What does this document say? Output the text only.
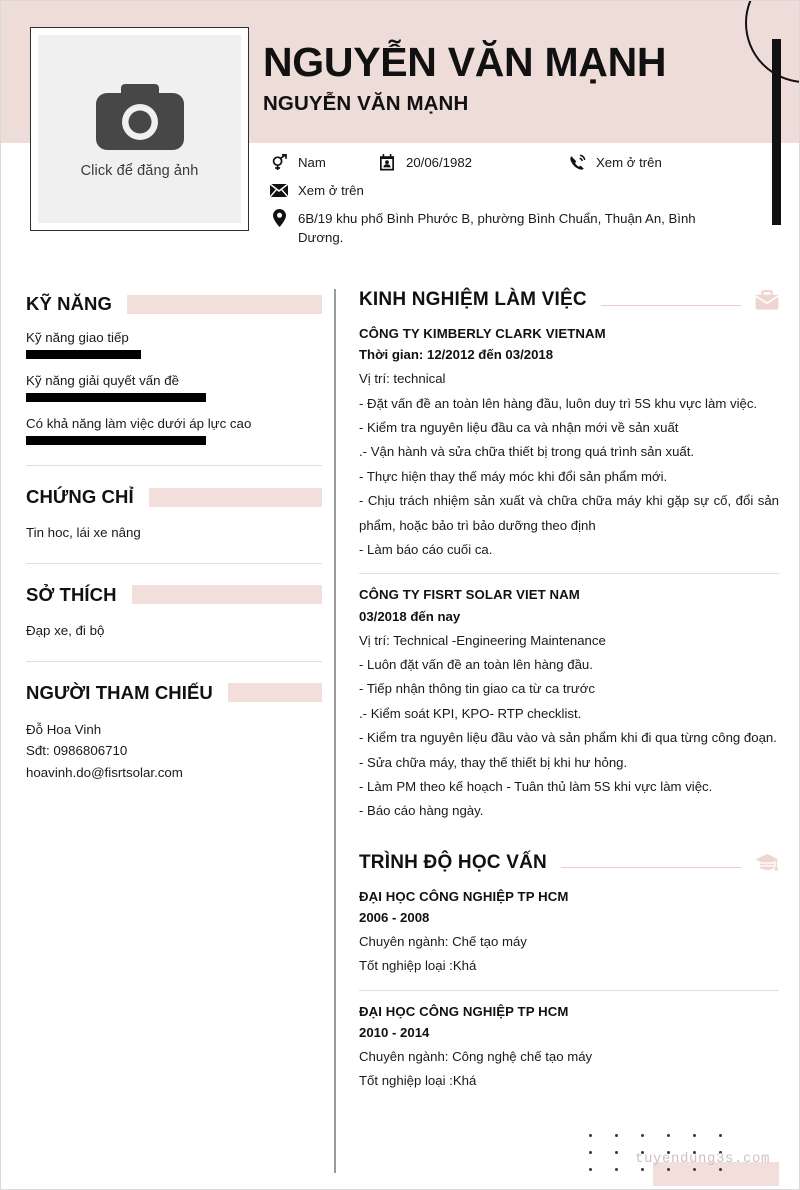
Click để đăng ảnh
NGUYỄN VĂN MẠNH
NGUYỄN VĂN MẠNH
Nam	20/06/1982	Xem ở trên
Xem ở trên
6B/19 khu phố Bình Phước B, phường Bình Chuẩn, Thuận An, Bình Dương.
KỸ NĂNG
Kỹ năng giao tiếp
Kỹ năng giải quyết vấn đề
Có khả năng làm việc dưới áp lực cao
CHỨNG CHỈ
Tin hoc, lái xe nâng
SỞ THÍCH
Đạp xe, đi bộ
NGƯỜI THAM CHIẾU
Đỗ Hoa Vinh
Sđt: 0986806710
hoavinh.do@fisrtsolar.com
KINH NGHIỆM LÀM VIỆC
CÔNG TY KIMBERLY CLARK VIETNAM
Thời gian: 12/2012 đến 03/2018
Vị trí: technical
- Đặt vấn đề an toàn lên hàng đầu, luôn duy trì 5S khu vực làm việc.
- Kiểm tra nguyên liệu đầu ca và nhận mới về sản xuất
.- Vận hành và sửa chữa thiết bị trong quá trình sản xuất.
- Thực hiện thay thế máy móc khi đổi sản phẩm mới.
- Chịu trách nhiệm sản xuất và chữa chữa máy khi gặp sự cố, đổi sản phẩm, hoặc bảo trì bảo dưỡng theo định
- Làm báo cáo cuối ca.
CÔNG TY FISRT SOLAR VIET NAM
03/2018 đến nay
Vị trí: Technical -Engineering Maintenance
- Luôn đặt vấn đề an toàn lên hàng đầu.
- Tiếp nhận thông tin giao ca từ ca trước
.- Kiểm soát KPI, KPO- RTP checklist.
- Kiểm tra nguyên liệu đầu vào và sản phẩm khi đi qua từng công đoạn.
- Sửa chữa máy, thay thế thiết bị khi hư hỏng.
- Làm PM theo kế hoạch - Tuân thủ làm 5S khi vực làm việc.
- Báo cáo hàng ngày.
TRÌNH ĐỘ HỌC VẤN
ĐẠI HỌC CÔNG NGHIỆP TP HCM
2006 - 2008
Chuyên ngành: Chế tạo máy
Tốt nghiệp loại :Khá
ĐẠI HỌC CÔNG NGHIỆP TP HCM
2010 - 2014
Chuyên ngành: Công nghệ chế tạo máy
Tốt nghiệp loại :Khá
tuyendung3s.com
